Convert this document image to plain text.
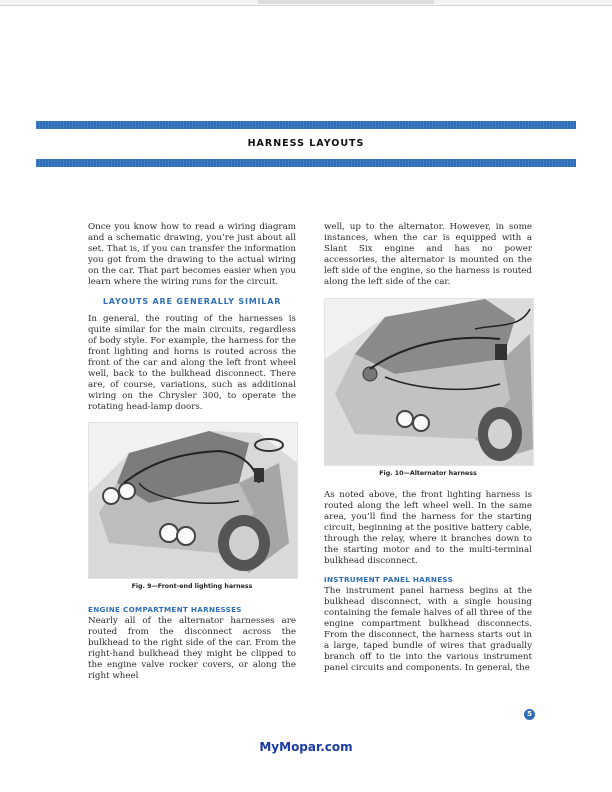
HARNESS LAYOUTS

Once you know how to read a wiring diagram and a schematic drawing, you’re just about all set. That is, if you can transfer the information you got from the drawing to the actual wiring on the car. That part becomes easier when you learn where the wiring runs for the circuit.

LAYOUTS ARE GENERALLY SIMILAR

In general, the routing of the harnesses is quite similar for the main circuits, regardless of body style. For example, the harness for the front lighting and horns is routed across the front of the car and along the left front wheel well, back to the bulkhead disconnect. There are, of course, variations, such as additional wiring on the Chrysler 300, to operate the rotating head-lamp doors.

Fig. 9—Front-end lighting harness
ENGINE COMPARTMENT HARNESSES

Nearly all of the alternator harnesses are routed from the disconnect across the bulkhead to the right side of the car. From the right-hand bulkhead they might be clipped to the engine valve rocker covers, or along the right wheel

well, up to the alternator. However, in some instances, when the car is equipped with a Slant Six engine and has no power accessories, the alternator is mounted on the left side of the engine, so the harness is routed along the left side of the car.

Fig. 10—Alternator harness

As noted above, the front lighting harness is routed along the left wheel well. In the same area, you’ll find the harness for the starting circuit, beginning at the positive battery cable, through the relay, where it branches down to the starting motor and to the multi-terminal bulkhead disconnect.

INSTRUMENT PANEL HARNESS

The instrument panel harness begins at the bulkhead disconnect, with a single housing containing the female halves of all three of the engine compartment bulkhead disconnects. From the disconnect, the harness starts out in a large, taped bundle of wires that gradually branch off to tie into the various instrument panel circuits and components. In general, the

5
MyMopar.com
